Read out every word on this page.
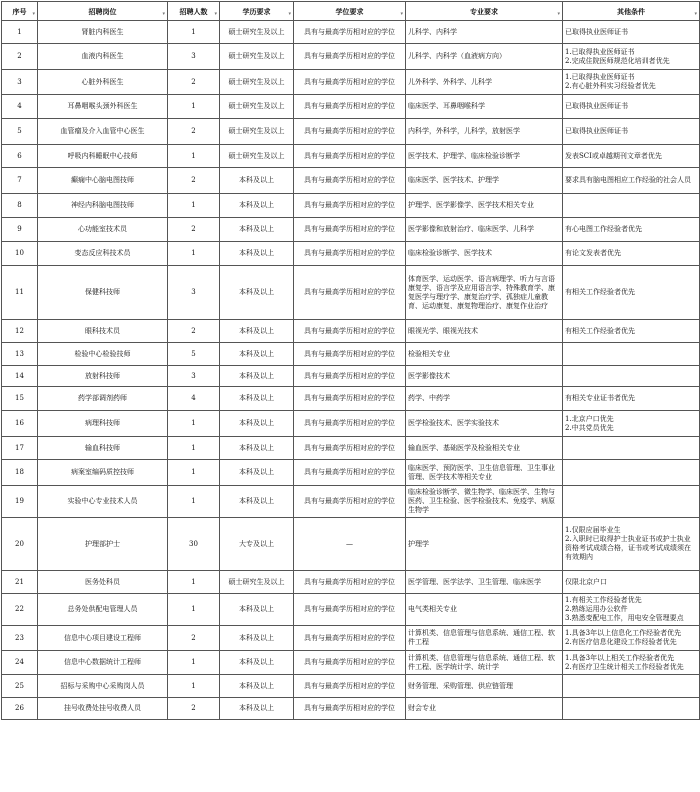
序号 ▾	招聘岗位 ▾	招聘人数 ▾	学历要求 ▾	学位要求 ▾	专业要求 ▾	其他条件 ▾

1	肾脏内科医生	1	硕士研究生及以上	具有与最高学历相对应的学位	儿科学、内科学	已取得执业医师证书

2	血液内科医生	3	硕士研究生及以上	具有与最高学历相对应的学位	儿科学、内科学（血液病方向）	1.已取得执业医师证书
2.完成住院医师规范化培训者优先

3	心脏外科医生	2	硕士研究生及以上	具有与最高学历相对应的学位	儿外科学、外科学、儿科学	1.已取得执业医师证书
2.有心脏外科实习经验者优先

4	耳鼻咽喉头颈外科医生	1	硕士研究生及以上	具有与最高学历相对应的学位	临床医学、耳鼻咽喉科学	已取得执业医师证书

5	血管瘤及介入血管中心医生	2	硕士研究生及以上	具有与最高学历相对应的学位	内科学，外科学，儿科学，放射医学	已取得执业医师证书

6	呼吸内科睡眠中心技师	1	硕士研究生及以上	具有与最高学历相对应的学位	医学技术、护理学、临床检验诊断学	发表SCI或卓越期刊文章者优先

7	癫痫中心脑电图技师	2	本科及以上	具有与最高学历相对应的学位	临床医学、医学技术、护理学	要求具有脑电图相应工作经验的社会人员

8	神经内科脑电图技师	1	本科及以上	具有与最高学历相对应的学位	护理学、医学影像学、医学技术相关专业	

9	心功能室技术员	2	本科及以上	具有与最高学历相对应的学位	医学影像和放射治疗、临床医学、儿科学	有心电图工作经验者优先

10	变态反应科技术员	1	本科及以上	具有与最高学历相对应的学位	临床检验诊断学、医学技术	有论文发表者优先

11	保健科技师	3	本科及以上	具有与最高学历相对应的学位	体育医学、运动医学、语言病理学、听力与言语康复学、语言学及应用语言学、特殊教育学、康复医学与理疗学、康复治疗学、孤独症儿童教育、运动康复、康复物理治疗、康复作业治疗	有相关工作经验者优先

12	眼科技术员	2	本科及以上	具有与最高学历相对应的学位	眼视光学、眼视光技术	有相关工作经验者优先

13	检验中心检验技师	5	本科及以上	具有与最高学历相对应的学位	检验相关专业	

14	放射科技师	3	本科及以上	具有与最高学历相对应的学位	医学影像技术	

15	药学部调剂药师	4	本科及以上	具有与最高学历相对应的学位	药学、中药学	有相关专业证书者优先

16	病理科技师	1	本科及以上	具有与最高学历相对应的学位	医学检验技术、医学实验技术	1.北京户口优先
2.中共党员优先

17	输血科技师	1	本科及以上	具有与最高学历相对应的学位	输血医学、基础医学及检验相关专业	

18	病案室编码质控技师	1	本科及以上	具有与最高学历相对应的学位	临床医学、预防医学、卫生信息管理、卫生事业管理、医学技术等相关专业	

19	实验中心专业技术人员	1	本科及以上	具有与最高学历相对应的学位	临床检验诊断学、微生物学、临床医学、生物与医药、卫生检验、医学检验技术、免疫学、病原生物学	

20	护理部护士	30	大专及以上	—	护理学	1.仅限应届毕业生
2.入职时已取得护士执业证书或护士执业资格考试成绩合格，证书或考试成绩须在有效期内

21	医务处科员	1	硕士研究生及以上	具有与最高学历相对应的学位	医学管理、医学法学、卫生管理、临床医学	仅限北京户口

22	总务处供配电管理人员	1	本科及以上	具有与最高学历相对应的学位	电气类相关专业	1.有相关工作经验者优先
2.熟练运用办公软件
3.熟悉变配电工作，用电安全管理要点

23	信息中心项目建设工程师	2	本科及以上	具有与最高学历相对应的学位	计算机类、信息管理与信息系统、通信工程、软件工程	1.具备3年以上信息化工作经验者优先
2.有医疗信息化建设工作经验者优先

24	信息中心数据统计工程师	1	本科及以上	具有与最高学历相对应的学位	计算机类、信息管理与信息系统、通信工程、软件工程、医学统计学、统计学	1.具备3年以上相关工作经验者优先
2.有医疗卫生统计相关工作经验者优先

25	招标与采购中心采购岗人员	1	本科及以上	具有与最高学历相对应的学位	财务管理、采购管理、供应链管理	

26	挂号收费处挂号收费人员	2	本科及以上	具有与最高学历相对应的学位	财会专业	
